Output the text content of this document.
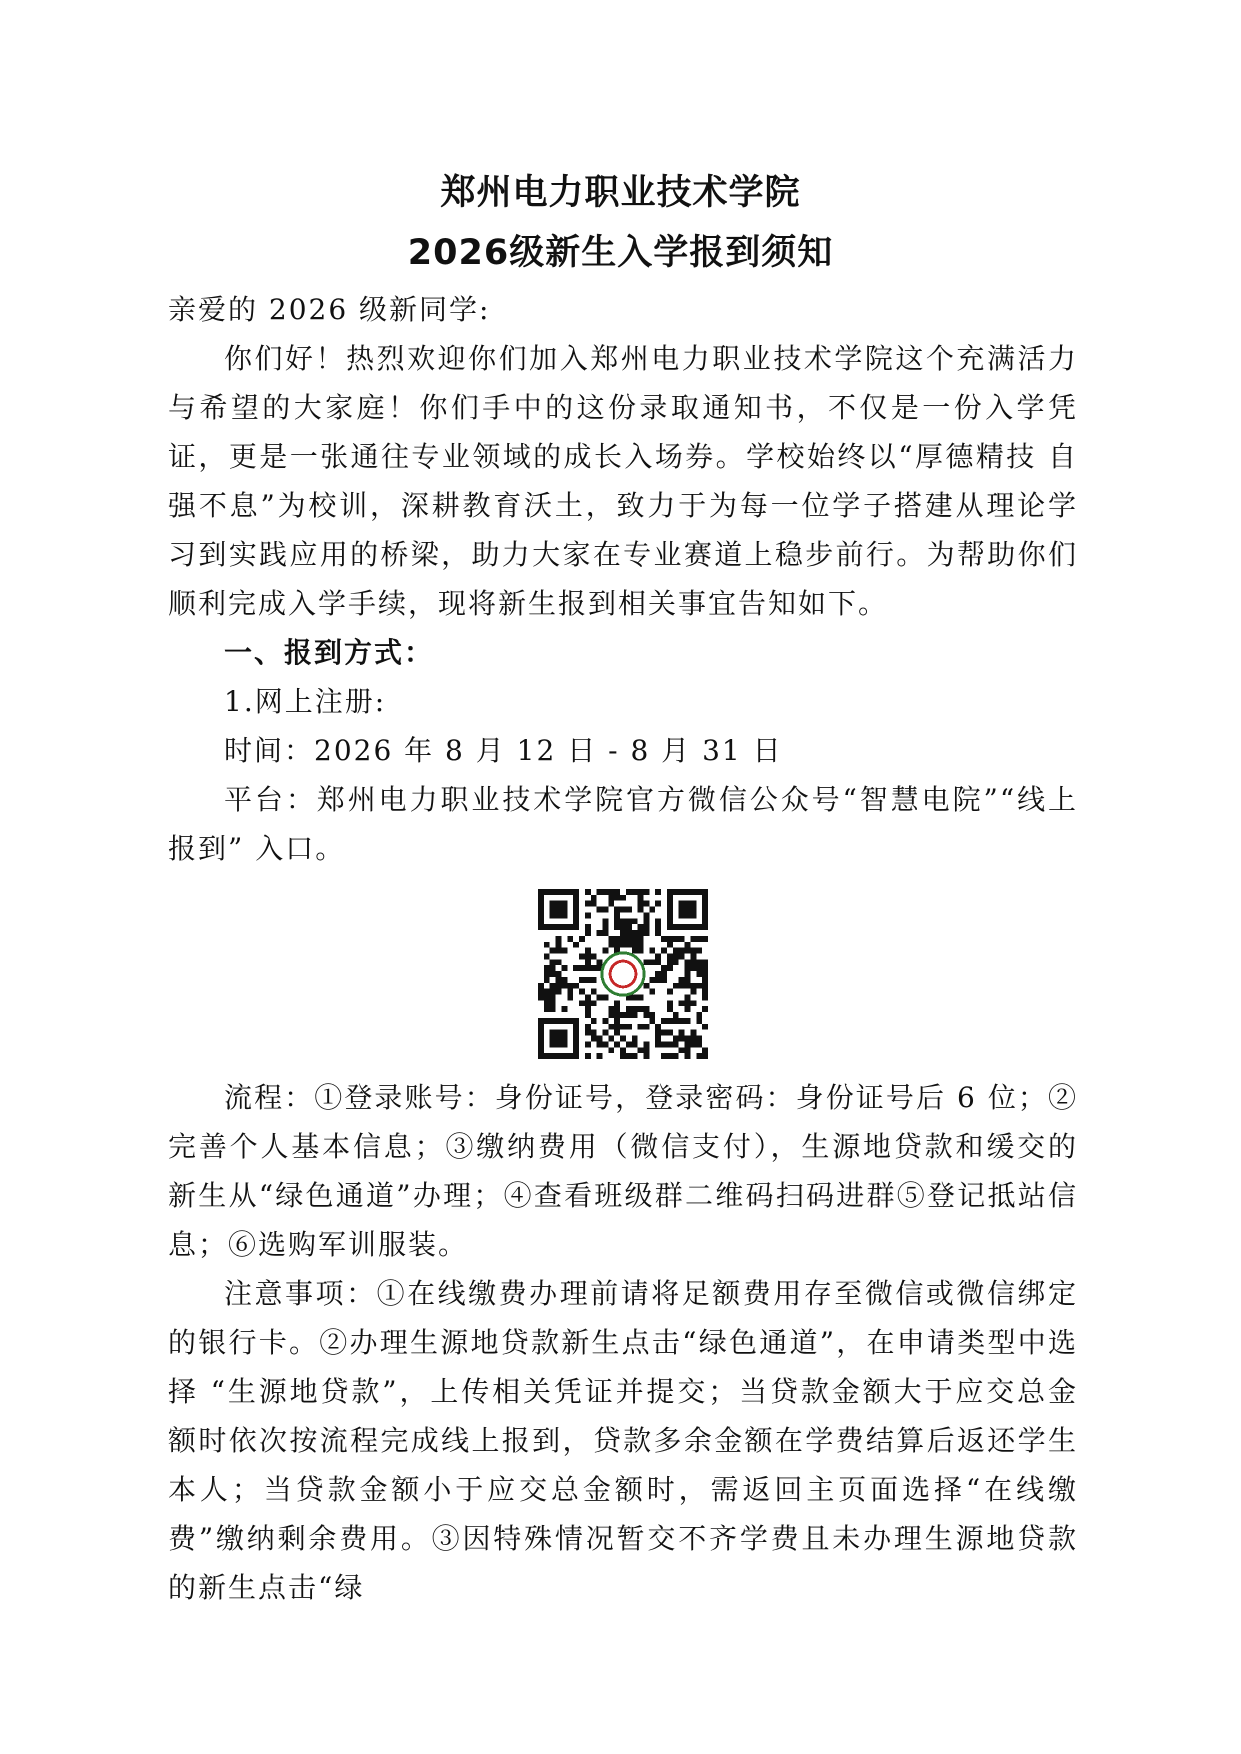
郑州电力职业技术学院
2026级新生入学报到须知

亲爱的 2026 级新同学:

你们好！热烈欢迎你们加入郑州电力职业技术学院这个充满活力与希望的大家庭！你们手中的这份录取通知书，不仅是一份入学凭证，更是一张通往专业领域的成长入场券。学校始终以“厚德精技 自强不息”为校训，深耕教育沃土，致力于为每一位学子搭建从理论学习到实践应用的桥梁，助力大家在专业赛道上稳步前行。为帮助你们顺利完成入学手续，现将新生报到相关事宜告知如下。

一、报到方式：

1.网上注册:

时间：2026 年 8 月 12 日 - 8 月 31 日

平台：郑州电力职业技术学院官方微信公众号“智慧电院”“线上报到” 入口。

流程：①登录账号：身份证号，登录密码：身份证号后 6 位；②完善个人基本信息；③缴纳费用（微信支付），生源地贷款和缓交的新生从“绿色通道”办理；④查看班级群二维码扫码进群⑤登记抵站信息；⑥选购军训服装。

注意事项：①在线缴费办理前请将足额费用存至微信或微信绑定的银行卡。②办理生源地贷款新生点击“绿色通道”，在申请类型中选择 “生源地贷款”，上传相关凭证并提交；当贷款金额大于应交总金额时依次按流程完成线上报到，贷款多余金额在学费结算后返还学生本人；当贷款金额小于应交总金额时，需返回主页面选择“在线缴费”缴纳剩余费用。③因特殊情况暂交不齐学费且未办理生源地贷款的新生点击“绿
